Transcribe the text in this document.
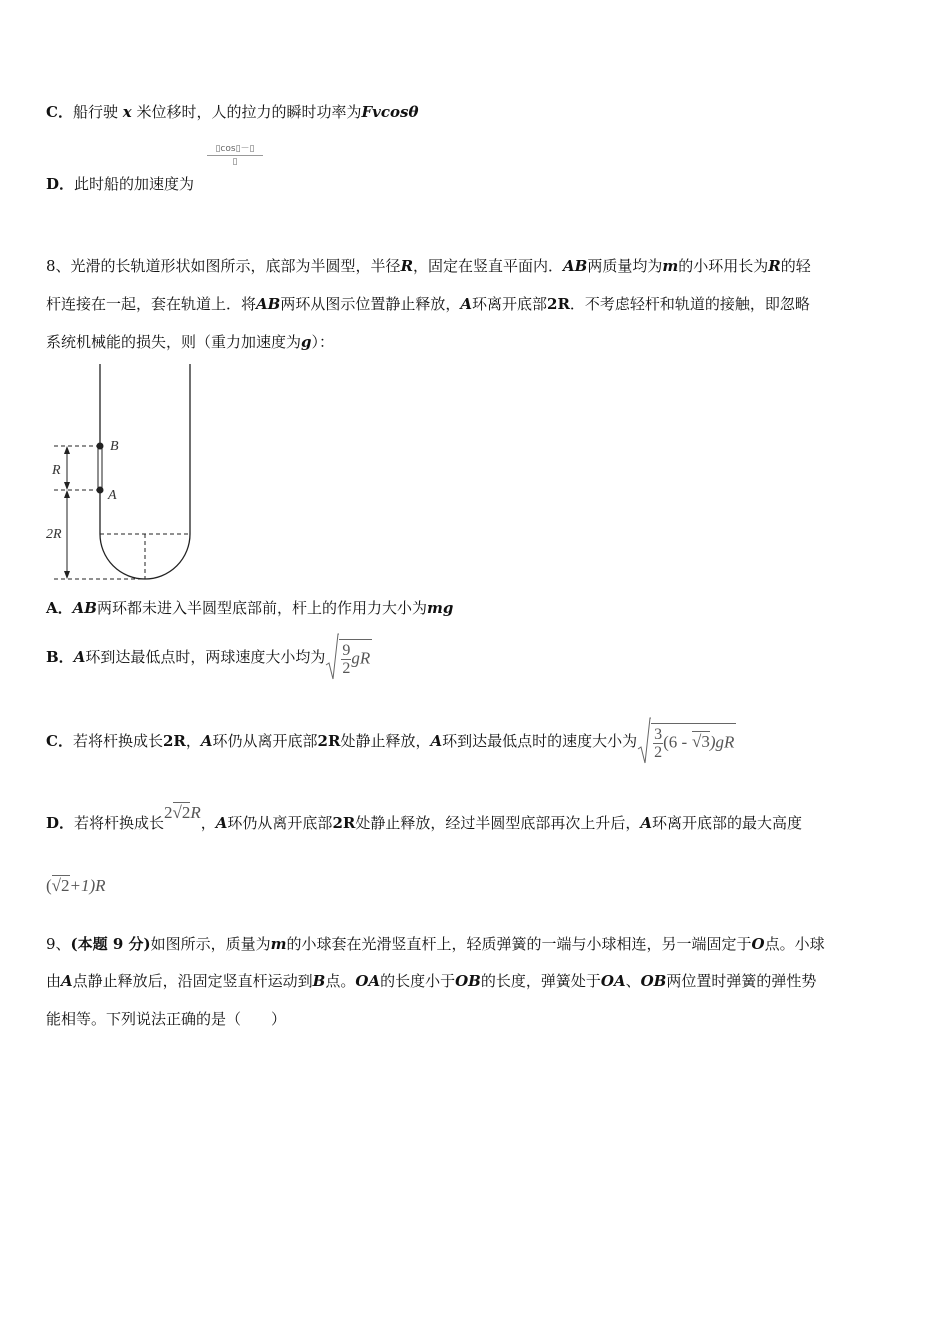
C．船行驶 x 米位移时，人的拉力的瞬时功率为Fvcosθ
▯cos▯－▯
▯
D．此时船的加速度为
8、光滑的长轨道形状如图所示，底部为半圆型，半径R，固定在竖直平面内．AB两质量均为m的小环用长为R的轻
杆连接在一起，套在轨道上．将AB两环从图示位置静止释放，A环离开底部2R．不考虑轻杆和轨道的接触，即忽略
系统机械能的损失，则（重力加速度为g）：
B
A
R
2R
A．AB两环都未进入半圆型底部前，杆上的作用力大小为mg
B．A环到达最低点时，两球速度大小均为 $\frac{9}{2}$ gR
C．若将杆换成长2R，A环仍从离开底部2R处静止释放，A环到达最低点时的速度大小为 $\frac{3}{2} (6 - √3)gR$
D．若将杆换成长2√2R，A环仍从离开底部2R处静止释放，经过半圆型底部再次上升后，A环离开底部的最大高度
(√2+1)R
9、(本题 9 分)如图所示，质量为m的小球套在光滑竖直杆上，轻质弹簧的一端与小球相连，另一端固定于O点。小球
由A点静止释放后，沿固定竖直杆运动到B点。OA的长度小于OB的长度，弹簧处于OA、OB两位置时弹簧的弹性势
能相等。下列说法正确的是（　　）
